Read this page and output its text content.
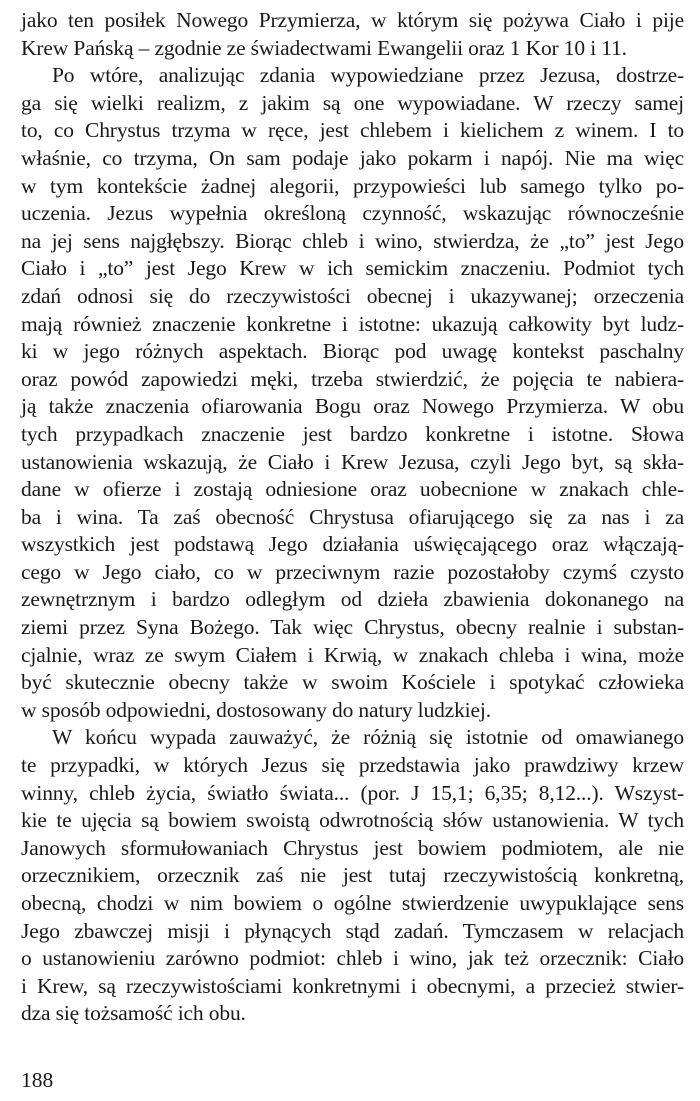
jako ten posiłek Nowego Przymierza, w którym się pożywa Ciało i pije
Krew Pańską – zgodnie ze świadectwami Ewangelii oraz 1 Kor 10 i 11.
Po wtóre, analizując zdania wypowiedziane przez Jezusa, dostrze-
ga się wielki realizm, z jakim są one wypowiadane. W rzeczy samej
to, co Chrystus trzyma w ręce, jest chlebem i kielichem z winem. I to
właśnie, co trzyma, On sam podaje jako pokarm i napój. Nie ma więc
w tym kontekście żadnej alegorii, przypowieści lub samego tylko po-
uczenia. Jezus wypełnia określoną czynność, wskazując równocześnie
na jej sens najgłębszy. Biorąc chleb i wino, stwierdza, że „to” jest Jego
Ciało i „to” jest Jego Krew w ich semickim znaczeniu. Podmiot tych
zdań odnosi się do rzeczywistości obecnej i ukazywanej; orzeczenia
mają również znaczenie konkretne i istotne: ukazują całkowity byt ludz-
ki w jego różnych aspektach. Biorąc pod uwagę kontekst paschalny
oraz powód zapowiedzi męki, trzeba stwierdzić, że pojęcia te nabiera-
ją także znaczenia ofiarowania Bogu oraz Nowego Przymierza. W obu
tych przypadkach znaczenie jest bardzo konkretne i istotne. Słowa
ustanowienia wskazują, że Ciało i Krew Jezusa, czyli Jego byt, są skła-
dane w ofierze i zostają odniesione oraz uobecnione w znakach chle-
ba i wina. Ta zaś obecność Chrystusa ofiarującego się za nas i za
wszystkich jest podstawą Jego działania uświęcającego oraz włączają-
cego w Jego ciało, co w przeciwnym razie pozostałoby czymś czysto
zewnętrznym i bardzo odległym od dzieła zbawienia dokonanego na
ziemi przez Syna Bożego. Tak więc Chrystus, obecny realnie i substan-
cjalnie, wraz ze swym Ciałem i Krwią, w znakach chleba i wina, może
być skutecznie obecny także w swoim Kościele i spotykać człowieka
w sposób odpowiedni, dostosowany do natury ludzkiej.
W końcu wypada zauważyć, że różnią się istotnie od omawianego
te przypadki, w których Jezus się przedstawia jako prawdziwy krzew
winny, chleb życia, światło świata... (por. J 15,1; 6,35; 8,12...). Wszyst-
kie te ujęcia są bowiem swoistą odwrotnością słów ustanowienia. W tych
Janowych sformułowaniach Chrystus jest bowiem podmiotem, ale nie
orzecznikiem, orzecznik zaś nie jest tutaj rzeczywistością konkretną,
obecną, chodzi w nim bowiem o ogólne stwierdzenie uwypuklające sens
Jego zbawczej misji i płynących stąd zadań. Tymczasem w relacjach
o ustanowieniu zarówno podmiot: chleb i wino, jak też orzecznik: Ciało
i Krew, są rzeczywistościami konkretnymi i obecnymi, a przecież stwier-
dza się tożsamość ich obu.
188
